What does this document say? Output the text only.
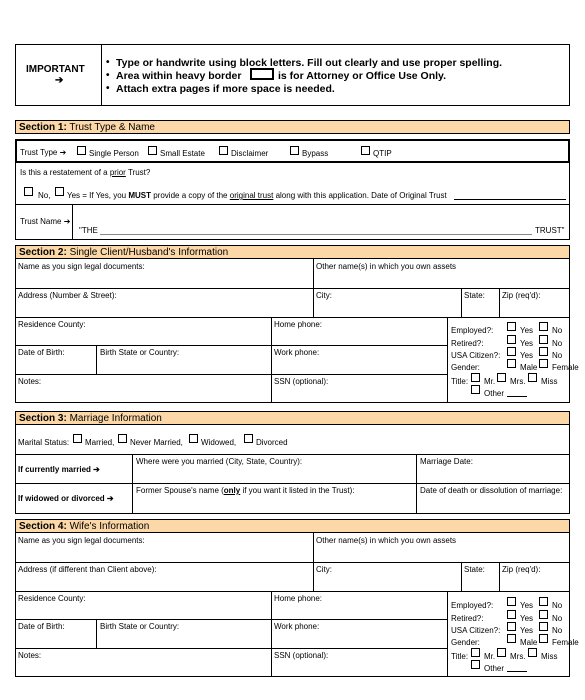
IMPORTANT
➔
• Type or handwrite using block letters. Fill out clearly and use proper spelling.
• Area within heavy border	is for Attorney or Office Use Only.
• Attach extra pages if more space is needed.
Section 1: Trust Type & Name
Trust Type ➔	Single Person	Small Estate	Disclaimer	Bypass	QTIP
Is this a restatement of a prior Trust?
No, Yes = If Yes, you MUST provide a copy of the original trust along with this application. Date of Original Trust
Trust Name ➔
"THE	TRUST"
Section 2: Single Client/Husband's Information
Name as you sign legal documents:	Other name(s) in which you own assets
Address (Number & Street):	City:	State: Zip (req'd):
Residence County:	Home phone:
Date of Birth:	Birth State or Country:	Work phone:
Notes:	SSN (optional):
Employed?:	Yes No
Retired?:	Yes No
USA Citizen?: Yes No
Gender:	Male Female
Title: Mr. Mrs. Miss
Other
Section 3: Marriage Information
Marital Status: Married, Never Married, Widowed, Divorced
If currently married ➔
Where were you married (City, State, Country):	Marriage Date:
If widowed or divorced ➔
Former Spouse's name (only if you want it listed in the Trust):	Date of death or dissolution of marriage:
Section 4: Wife's Information
Name as you sign legal documents:	Other name(s) in which you own assets
Address (if different than Client above):	City:	State: Zip (req'd):
Residence County:	Home phone:
Date of Birth:	Birth State or Country:	Work phone:
Notes:	SSN (optional):
Employed?:	Yes No
Retired?:	Yes No
USA Citizen?: Yes No
Gender:	Male Female
Title: Mr. Mrs. Miss
Other
